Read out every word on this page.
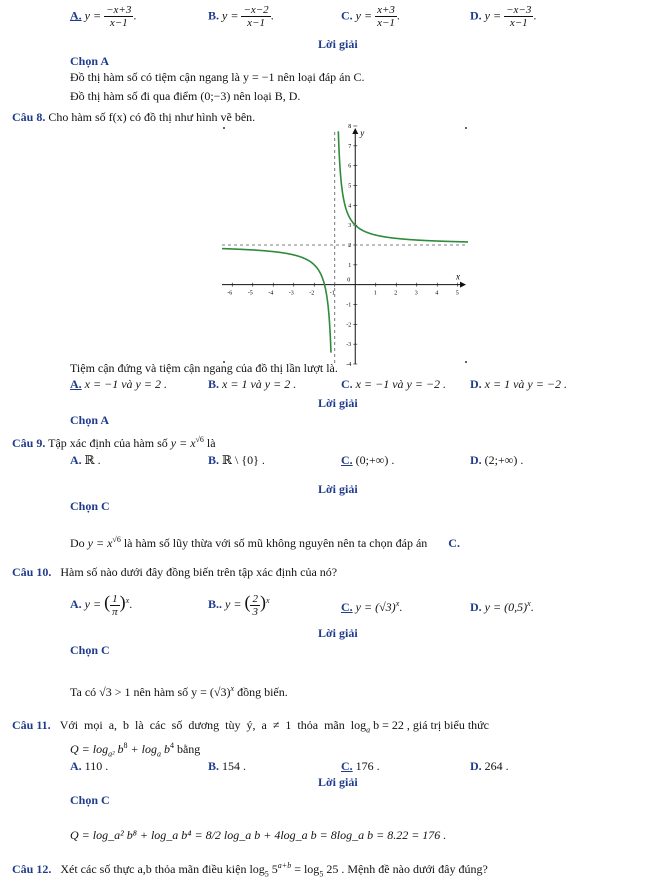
A. $y = \frac{-x+3}{x-1}$ .	B. $y = \frac{-x-2}{x-1}$ .	C. $y = \frac{x+3}{x-1}$ .	D. $y = \frac{-x-3}{x-1}$ .
Lời giải
Chọn A
Đồ thị hàm số có tiệm cận ngang là y = −1 nên loại đáp án C.
Đồ thị hàm số đi qua điểm (0;−3) nên loại B, D.
Câu 8. Cho hàm số f(x) có đồ thị như hình vẽ bên.
x
y
-6	-5	-4	-3	-2	-1
0
1	2	3	4	5
-4
-3
-2
-1
1
2
3
4
5
6
7
8
Tiệm cận đứng và tiệm cận ngang của đồ thị lần lượt là.
A. x = −1 và y = 2 .	B. x = 1 và y = 2 .	C. x = −1 và y = −2 . D. x = 1 và y = −2 .
Lời giải
Chọn A
Câu 9. Tập xác định của hàm số $y = x^{√6}$ là
A. ℝ .	B. ℝ \ {0} .	C. (0;+∞) .	D. (2;+∞) .
Lời giải
Chọn C
Do $y = x^{√6}$ là hàm số lũy thừa với số mũ không nguyên nên ta chọn đáp án C.
Câu 10. Hàm số nào dưới đây đồng biến trên tập xác định của nó?
A. y = ( $\frac{1}{\pi} )^x$.	B.. y = ( $\frac{2}{3} )^x$	C. $y = (√3)^x$.	D. $y = (0,5)^x$.
Lời giải
Chọn C
Ta có √3 > 1 nên hàm số $y = (√3)^x$ đồng biến.
Câu 11. Với mọi a, b là các số dương tùy ý, a ≠ 1 thỏa mãn $\log_a b = 22$ , giá trị biểu thức
$Q = \log_{a^2} b^8 + \log_a b^4$ bằng
A. 110 .	B. 154 .	C. 176 .	D. 264 .
Lời giải
Chọn C
Q = log_a² b⁸ + log_a b⁴ = 8/2 log_a b + 4log_a b = 8log_a b = 8.22 = 176 .
Câu 12. Xét các số thực a,b thỏa mãn điều kiện $\log_5 5^{a+b} = \log_5 25$ . Mệnh đề nào dưới đây đúng?
